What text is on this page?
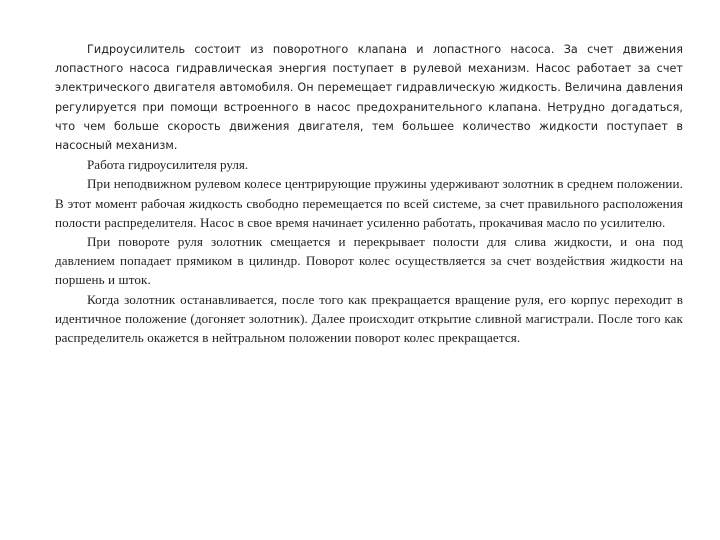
Гидроусилитель состоит из поворотного клапана и лопастного насоса. За счет движения лопастного насоса гидравлическая энергия поступает в рулевой механизм. Насос работает за счет электрического двигателя автомобиля. Он перемещает гидравлическую жидкость. Величина давления регулируется при помощи встроенного в насос предохранительного клапана. Нетрудно догадаться, что чем больше скорость движения двигателя, тем большее количество жидкости поступает в насосный механизм.

Работа гидроусилителя руля.

При неподвижном рулевом колесе центрирующие пружины удерживают золотник в среднем положении. В этот момент рабочая жидкость свободно перемещается по всей системе, за счет правильного расположения полости распределителя. Насос в свое время начинает усиленно работать, прокачивая масло по усилителю.

При повороте руля золотник смещается и перекрывает полости для слива жидкости, и она под давлением попадает прямиком в цилиндр. Поворот колес осуществляется за счет воздействия жидкости на поршень и шток.

Когда золотник останавливается, после того как прекращается вращение руля, его корпус переходит в идентичное положение (догоняет золотник). Далее происходит открытие сливной магистрали. После того как распределитель окажется в нейтральном положении поворот колес прекращается.
